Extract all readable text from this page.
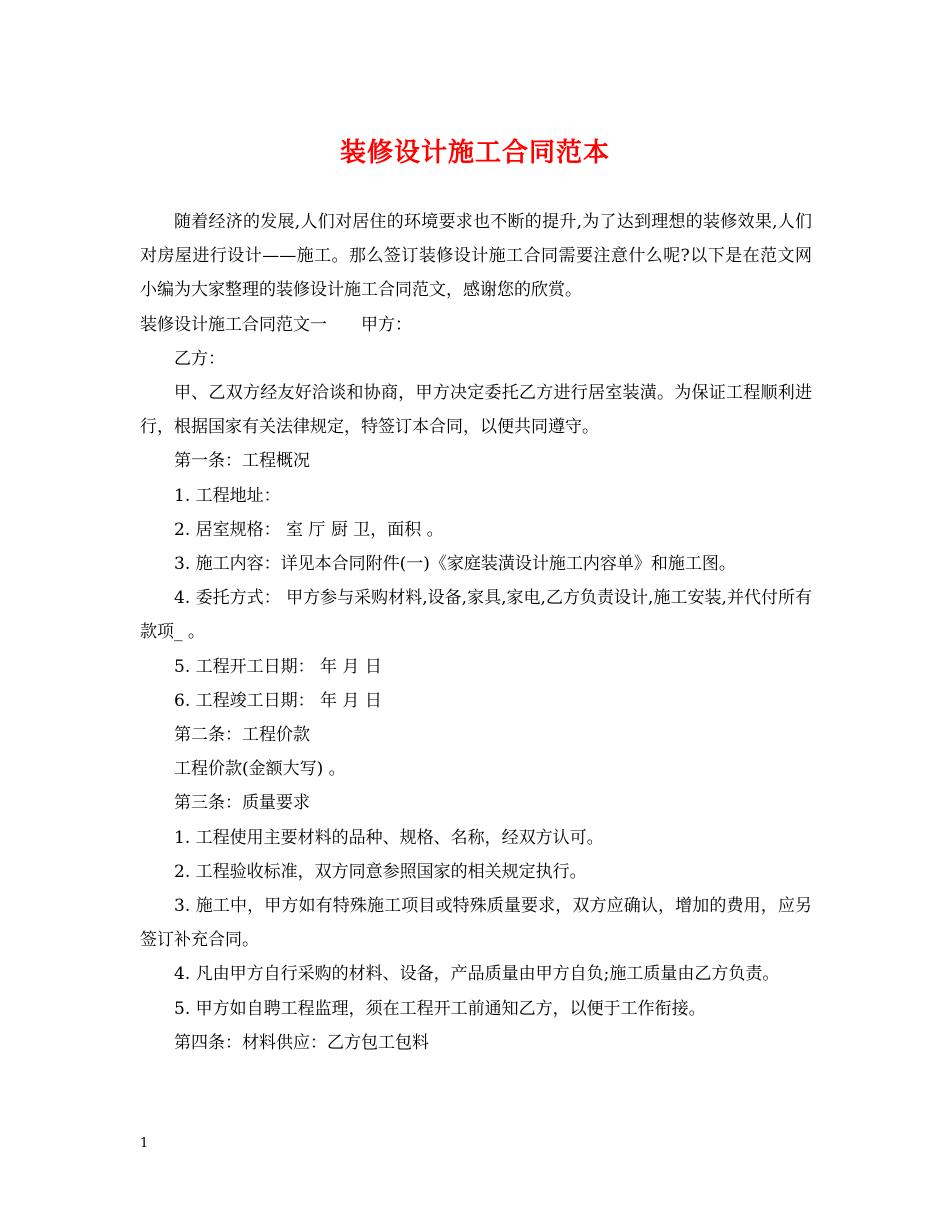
装修设计施工合同范本

随着经济的发展,人们对居住的环境要求也不断的提升,为了达到理想的装修效果,人们对房屋进行设计——施工。那么签订装修设计施工合同需要注意什么呢?以下是在范文网小编为大家整理的装修设计施工合同范文，感谢您的欣赏。

装修设计施工合同范文一　　甲方：

乙方：

甲、乙双方经友好洽谈和协商，甲方决定委托乙方进行居室装潢。为保证工程顺利进行，根据国家有关法律规定，特签订本合同，以便共同遵守。

第一条：工程概况

1. 工程地址：

2. 居室规格： 室 厅 厨 卫，面积 。

3. 施工内容：详见本合同附件(一)《家庭装潢设计施工内容单》和施工图。

4. 委托方式： 甲方参与采购材料,设备,家具,家电,乙方负责设计,施工安装,并代付所有款项_ 。

5. 工程开工日期： 年 月 日

6. 工程竣工日期： 年 月 日

第二条：工程价款

工程价款(金额大写) 。

第三条：质量要求

1. 工程使用主要材料的品种、规格、名称，经双方认可。

2. 工程验收标准，双方同意参照国家的相关规定执行。

3. 施工中，甲方如有特殊施工项目或特殊质量要求，双方应确认，增加的费用，应另签订补充合同。

4. 凡由甲方自行采购的材料、设备，产品质量由甲方自负;施工质量由乙方负责。

5. 甲方如自聘工程监理，须在工程开工前通知乙方，以便于工作衔接。

第四条：材料供应：乙方包工包料

1
